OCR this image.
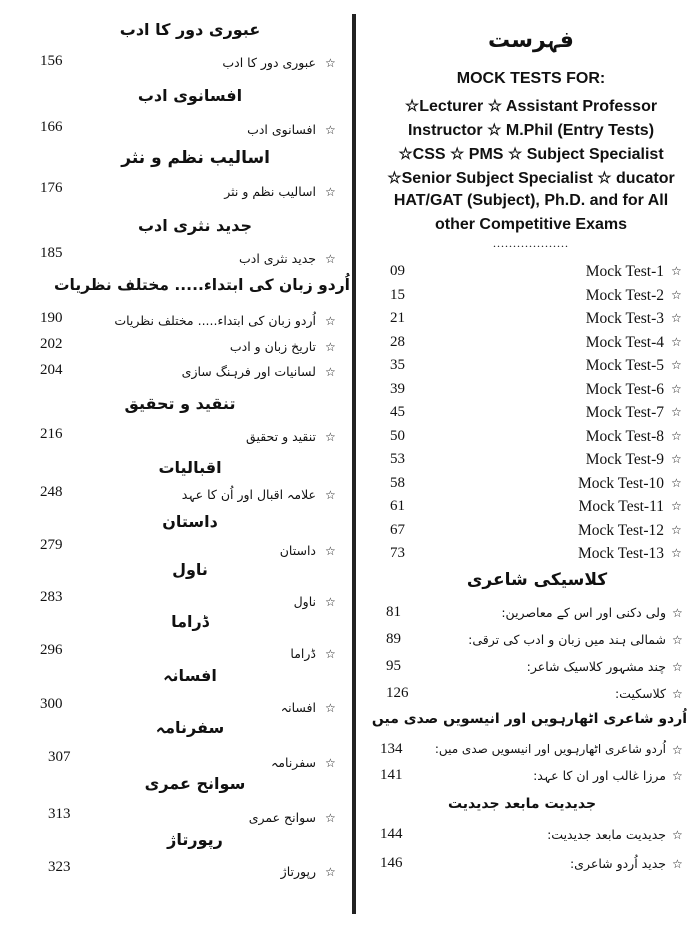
عبوری دور کا ادب
156	عبوری دور کا ادب ☆
افسانوی ادب
166	افسانوی ادب ☆
اسالیب نظم و نثر
176	اسالیب نظم و نثر ☆
جدید نثری ادب
185	جدید نثری ادب ☆
اُردو زبان کی ابتداء..... مختلف نظریات
190	اُردو زبان کی ابتداء..... مختلف نظریات ☆
202	تاریخ زبان و ادب ☆
204	لسانیات اور فرہنگ سازی ☆
تنقید و تحقیق
216	تنقید و تحقیق ☆
اقبالیات
248	علامہ اقبال اور اُن کا عہد ☆
داستان
279	داستان ☆
ناول
283	ناول ☆
ڈراما
296	ڈراما ☆
افسانہ
300	افسانہ ☆
سفرنامہ
307	سفرنامہ ☆
سوانح عمری
313	سوانح عمری ☆
رپورتاژ
323	رپورتاژ ☆
فہرست
MOCK TESTS FOR:
☆Lecturer ☆ Assistant Professor
Instructor ☆ M.Phil (Entry Tests)
☆CSS ☆ PMS ☆ Subject Specialist
☆Senior Subject Specialist ☆ ducator
HAT/GAT (Subject), Ph.D. and for All
other Competitive Exams
...................
09	Mock Test-1 ☆
15	Mock Test-2 ☆
21	Mock Test-3 ☆
28	Mock Test-4 ☆
35	Mock Test-5 ☆
39	Mock Test-6 ☆
45	Mock Test-7 ☆
50	Mock Test-8 ☆
53	Mock Test-9 ☆
58	Mock Test-10 ☆
61	Mock Test-11 ☆
67	Mock Test-12 ☆
73	Mock Test-13 ☆
کلاسیکی شاعری
81	ولی دکنی اور اس کے معاصرین: ☆
89	شمالی ہند میں زبان و ادب کی ترقی: ☆
95	چند مشہور کلاسیک شاعر: ☆
126	کلاسکیت: ☆
اُردو شاعری اٹھارہویں اور انیسویں صدی میں
134	اُردو شاعری اٹھارہویں اور انیسویں صدی میں: ☆
141	مرزا غالب اور ان کا عہد: ☆
جدیدیت مابعد جدیدیت
144	جدیدیت مابعد جدیدیت: ☆
146	جدید اُردو شاعری: ☆
